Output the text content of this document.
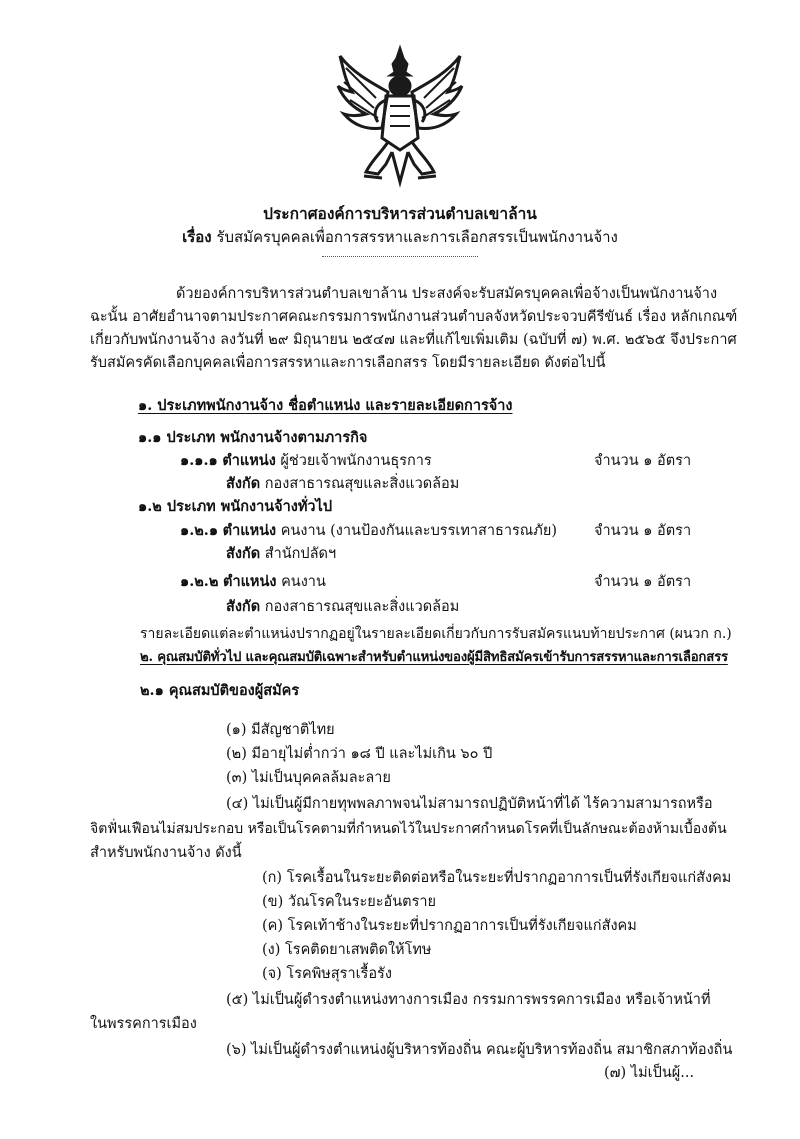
ประกาศองค์การบริหารส่วนตำบลเขาล้าน
เรื่อง รับสมัครบุคคลเพื่อการสรรหาและการเลือกสรรเป็นพนักงานจ้าง
ด้วยองค์การบริหารส่วนตำบลเขาล้าน ประสงค์จะรับสมัครบุคคลเพื่อจ้างเป็นพนักงานจ้าง
ฉะนั้น อาศัยอำนาจตามประกาศคณะกรรมการพนักงานส่วนตำบลจังหวัดประจวบคีรีขันธ์ เรื่อง หลักเกณฑ์
เกี่ยวกับพนักงานจ้าง ลงวันที่ ๒๙ มิถุนายน ๒๕๔๗ และที่แก้ไขเพิ่มเติม (ฉบับที่ ๗) พ.ศ. ๒๕๖๕ จึงประกาศ
รับสมัครคัดเลือกบุคคลเพื่อการสรรหาและการเลือกสรร โดยมีรายละเอียด ดังต่อไปนี้
๑. ประเภทพนักงานจ้าง ชื่อตำแหน่ง และรายละเอียดการจ้าง
๑.๑ ประเภท พนักงานจ้างตามภารกิจ
๑.๑.๑ ตำแหน่ง ผู้ช่วยเจ้าพนักงานธุรการ	จำนวน ๑ อัตรา
สังกัด กองสาธารณสุขและสิ่งแวดล้อม
๑.๒ ประเภท พนักงานจ้างทั่วไป
๑.๒.๑ ตำแหน่ง คนงาน (งานป้องกันและบรรเทาสาธารณภัย)	จำนวน ๑ อัตรา
สังกัด สำนักปลัดฯ
๑.๒.๒ ตำแหน่ง คนงาน	จำนวน ๑ อัตรา
สังกัด กองสาธารณสุขและสิ่งแวดล้อม
รายละเอียดแต่ละตำแหน่งปรากฏอยู่ในรายละเอียดเกี่ยวกับการรับสมัครแนบท้ายประกาศ (ผนวก ก.)
๒. คุณสมบัติทั่วไป และคุณสมบัติเฉพาะสำหรับตำแหน่งของผู้มีสิทธิสมัครเข้ารับการสรรหาและการเลือกสรร
๒.๑ คุณสมบัติของผู้สมัคร
(๑) มีสัญชาติไทย
(๒) มีอายุไม่ต่ำกว่า ๑๘ ปี และไม่เกิน ๖๐ ปี
(๓) ไม่เป็นบุคคลล้มละลาย
(๔) ไม่เป็นผู้มีกายทุพพลภาพจนไม่สามารถปฏิบัติหน้าที่ได้ ไร้ความสามารถหรือ
จิตฟั่นเฟือนไม่สมประกอบ หรือเป็นโรคตามที่กำหนดไว้ในประกาศกำหนดโรคที่เป็นลักษณะต้องห้ามเบื้องต้น
สำหรับพนักงานจ้าง ดังนี้
(ก) โรคเรื้อนในระยะติดต่อหรือในระยะที่ปรากฏอาการเป็นที่รังเกียจแก่สังคม
(ข) วัณโรคในระยะอันตราย
(ค) โรคเท้าช้างในระยะที่ปรากฏอาการเป็นที่รังเกียจแก่สังคม
(ง) โรคติดยาเสพติดให้โทษ
(จ) โรคพิษสุราเรื้อรัง
(๕) ไม่เป็นผู้ดำรงตำแหน่งทางการเมือง กรรมการพรรคการเมือง หรือเจ้าหน้าที่
ในพรรคการเมือง
(๖) ไม่เป็นผู้ดำรงตำแหน่งผู้บริหารท้องถิ่น คณะผู้บริหารท้องถิ่น สมาชิกสภาท้องถิ่น
(๗) ไม่เป็นผู้...
